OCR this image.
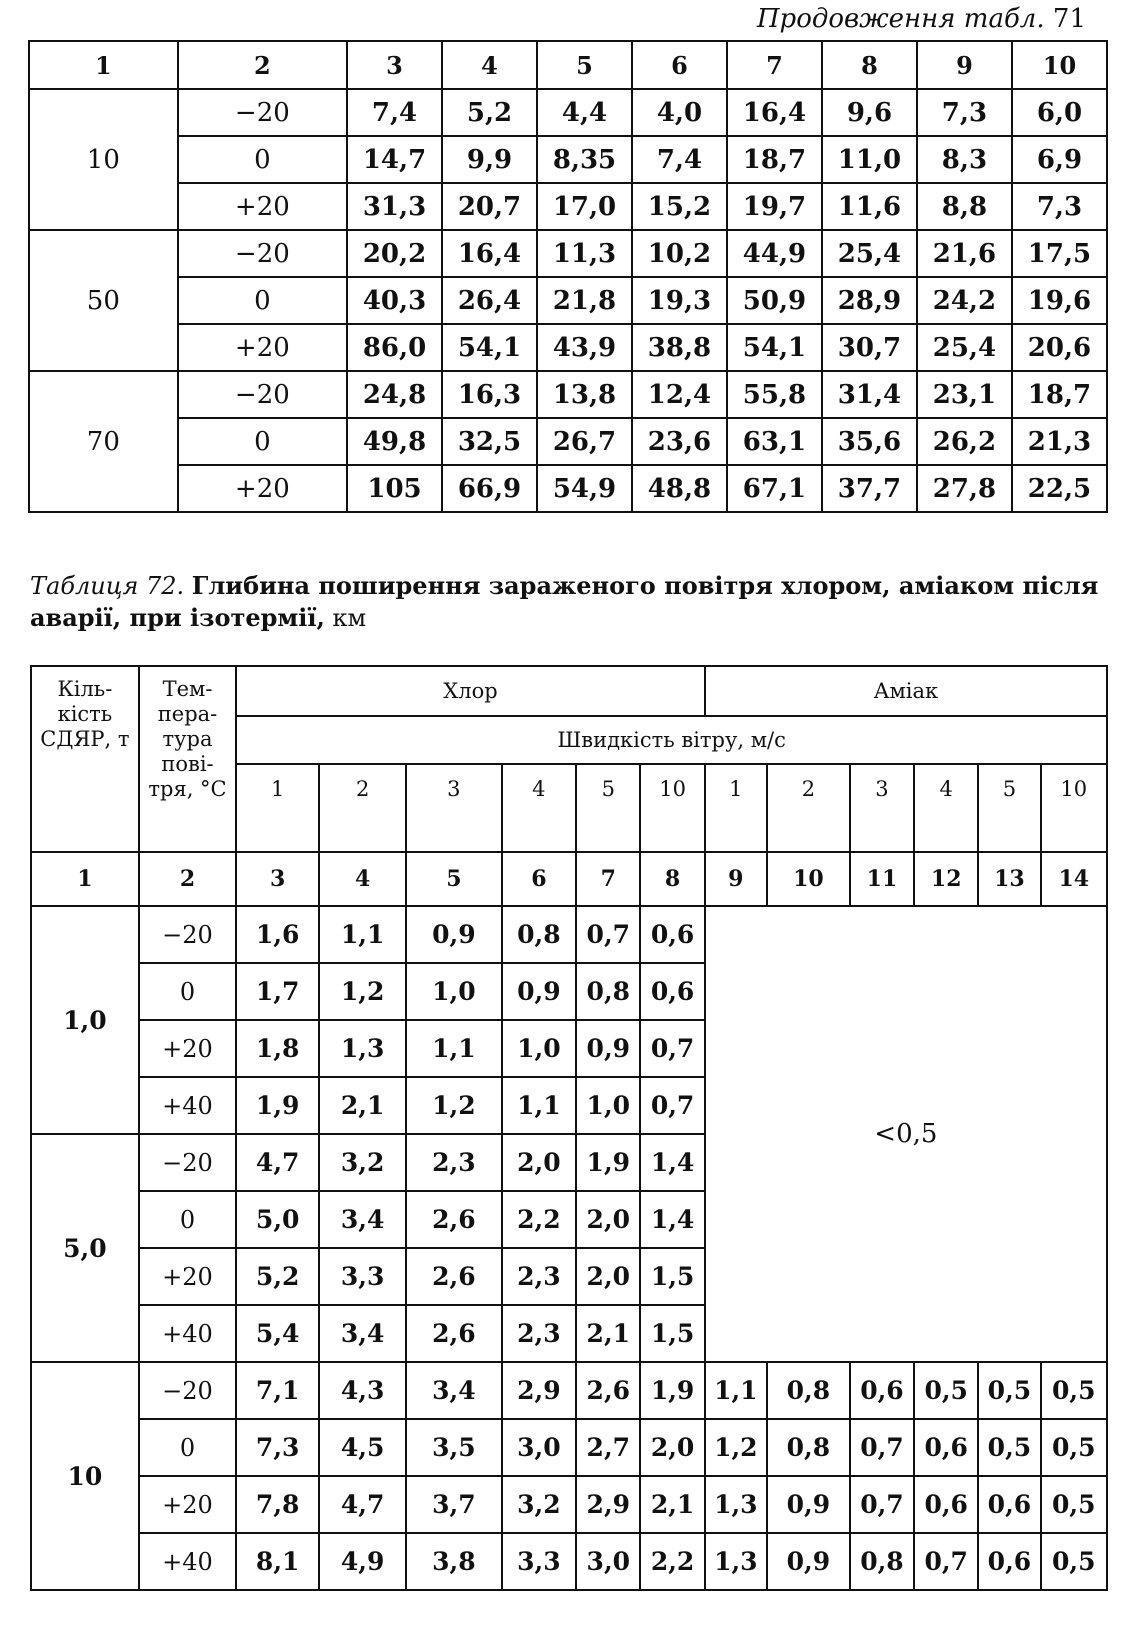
Продовження табл. 71
1	2	3	4	5	6	7	8	9	10
10	−20	7,4	5,2	4,4	4,0	16,4	9,6	7,3	6,0
	0	14,7	9,9	8,35	7,4	18,7	11,0	8,3	6,9
	+20	31,3	20,7	17,0	15,2	19,7	11,6	8,8	7,3
50	−20	20,2	16,4	11,3	10,2	44,9	25,4	21,6	17,5
	0	40,3	26,4	21,8	19,3	50,9	28,9	24,2	19,6
	+20	86,0	54,1	43,9	38,8	54,1	30,7	25,4	20,6
70	−20	24,8	16,3	13,8	12,4	55,8	31,4	23,1	18,7
	0	49,8	32,5	26,7	23,6	63,1	35,6	26,2	21,3
	+20	105	66,9	54,9	48,8	67,1	37,7	27,8	22,5
Таблиця 72. Глибина поширення зараженого повітря хлором, аміаком після аварії, при ізотермії, км
Кіль-кість СДЯР, т	Тем-пера-тура пові-тря, °C	Хлор						Аміак					
		Швидкість вітру, м/с											
		1	2	3	4	5	10	1	2	3	4	5	10
1	2	3	4	5	6	7	8	9	10	11	12	13	14
1,0	−20	1,6	1,1	0,9	0,8	0,7	0,6	<0,5					
	0	1,7	1,2	1,0	0,9	0,8	0,6						
	+20	1,8	1,3	1,1	1,0	0,9	0,7						
	+40	1,9	2,1	1,2	1,1	1,0	0,7						
5,0	−20	4,7	3,2	2,3	2,0	1,9	1,4						
	0	5,0	3,4	2,6	2,2	2,0	1,4						
	+20	5,2	3,3	2,6	2,3	2,0	1,5						
	+40	5,4	3,4	2,6	2,3	2,1	1,5						
10	−20	7,1	4,3	3,4	2,9	2,6	1,9	1,1	0,8	0,6	0,5	0,5	0,5
	0	7,3	4,5	3,5	3,0	2,7	2,0	1,2	0,8	0,7	0,6	0,5	0,5
	+20	7,8	4,7	3,7	3,2	2,9	2,1	1,3	0,9	0,7	0,6	0,6	0,5
	+40	8,1	4,9	3,8	3,3	3,0	2,2	1,3	0,9	0,8	0,7	0,6	0,5
